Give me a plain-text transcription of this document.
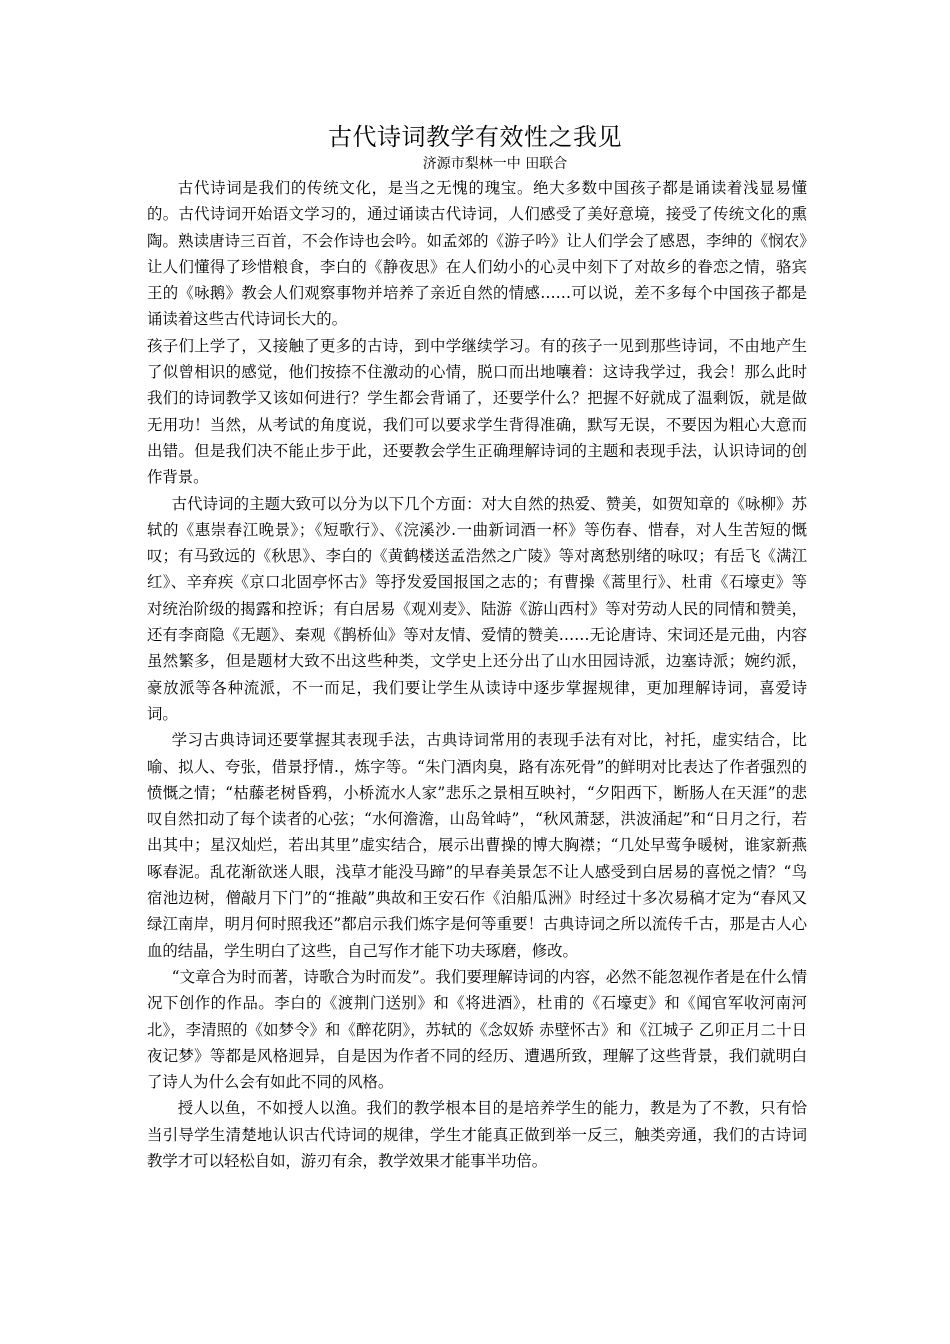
古代诗词教学有效性之我见

济源市梨林一中 田联合

古代诗词是我们的传统文化，是当之无愧的瑰宝。绝大多数中国孩子都是诵读着浅显易懂的。古代诗词开始语文学习的，通过诵读古代诗词，人们感受了美好意境，接受了传统文化的熏陶。熟读唐诗三百首，不会作诗也会吟。如孟郊的《游子吟》让人们学会了感恩，李绅的《悯农》让人们懂得了珍惜粮食，李白的《静夜思》在人们幼小的心灵中刻下了对故乡的眷恋之情，骆宾王的《咏鹅》教会人们观察事物并培养了亲近自然的情感……可以说，差不多每个中国孩子都是诵读着这些古代诗词长大的。

孩子们上学了，又接触了更多的古诗，到中学继续学习。有的孩子一见到那些诗词，不由地产生了似曾相识的感觉，他们按捺不住激动的心情，脱口而出地嚷着：这诗我学过，我会！那么此时我们的诗词教学又该如何进行？学生都会背诵了，还要学什么？把握不好就成了温剩饭，就是做无用功！当然，从考试的角度说，我们可以要求学生背得准确，默写无误，不要因为粗心大意而出错。但是我们决不能止步于此，还要教会学生正确理解诗词的主题和表现手法，认识诗词的创作背景。

古代诗词的主题大致可以分为以下几个方面：对大自然的热爱、赞美，如贺知章的《咏柳》苏轼的《惠崇春江晚景》；《短歌行》、《浣溪沙.一曲新词酒一杯》等伤春、惜春，对人生苦短的慨叹；有马致远的《秋思》、李白的《黄鹤楼送孟浩然之广陵》等对离愁别绪的咏叹；有岳飞《满江红》、辛弃疾《京口北固亭怀古》等抒发爱国报国之志的；有曹操《蒿里行》、杜甫《石壕吏》等对统治阶级的揭露和控诉；有白居易《观刈麦》、陆游《游山西村》等对劳动人民的同情和赞美，还有李商隐《无题》、秦观《鹊桥仙》等对友情、爱情的赞美……无论唐诗、宋词还是元曲，内容虽然繁多，但是题材大致不出这些种类，文学史上还分出了山水田园诗派，边塞诗派；婉约派，豪放派等各种流派，不一而足，我们要让学生从读诗中逐步掌握规律，更加理解诗词，喜爱诗词。

学习古典诗词还要掌握其表现手法，古典诗词常用的表现手法有对比，衬托，虚实结合，比喻、拟人、夸张，借景抒情.，炼字等。“朱门酒肉臭，路有冻死骨”的鲜明对比表达了作者强烈的愤慨之情；“枯藤老树昏鸦，小桥流水人家”悲乐之景相互映衬，“夕阳西下，断肠人在天涯”的悲叹自然扣动了每个读者的心弦；“水何澹澹，山岛耸峙”，“秋风萧瑟，洪波涌起”和“日月之行，若出其中；星汉灿烂，若出其里”虚实结合，展示出曹操的博大胸襟；“几处早莺争暖树，谁家新燕啄春泥。乱花渐欲迷人眼，浅草才能没马蹄”的早春美景怎不让人感受到白居易的喜悦之情？“鸟宿池边树，僧敲月下门”的“推敲”典故和王安石作《泊船瓜洲》时经过十多次易稿才定为“春风又绿江南岸，明月何时照我还”都启示我们炼字是何等重要！古典诗词之所以流传千古，那是古人心血的结晶，学生明白了这些，自己写作才能下功夫琢磨，修改。

“文章合为时而著，诗歌合为时而发”。我们要理解诗词的内容，必然不能忽视作者是在什么情况下创作的作品。李白的《渡荆门送别》和《将进酒》，杜甫的《石壕吏》和《闻官军收河南河北》，李清照的《如梦令》和《醉花阴》，苏轼的《念奴娇 赤壁怀古》和《江城子 乙卯正月二十日夜记梦》等都是风格迥异，自是因为作者不同的经历、遭遇所致，理解了这些背景，我们就明白了诗人为什么会有如此不同的风格。

授人以鱼，不如授人以渔。我们的教学根本目的是培养学生的能力，教是为了不教，只有恰当引导学生清楚地认识古代诗词的规律，学生才能真正做到举一反三，触类旁通，我们的古诗词教学才可以轻松自如，游刃有余，教学效果才能事半功倍。
